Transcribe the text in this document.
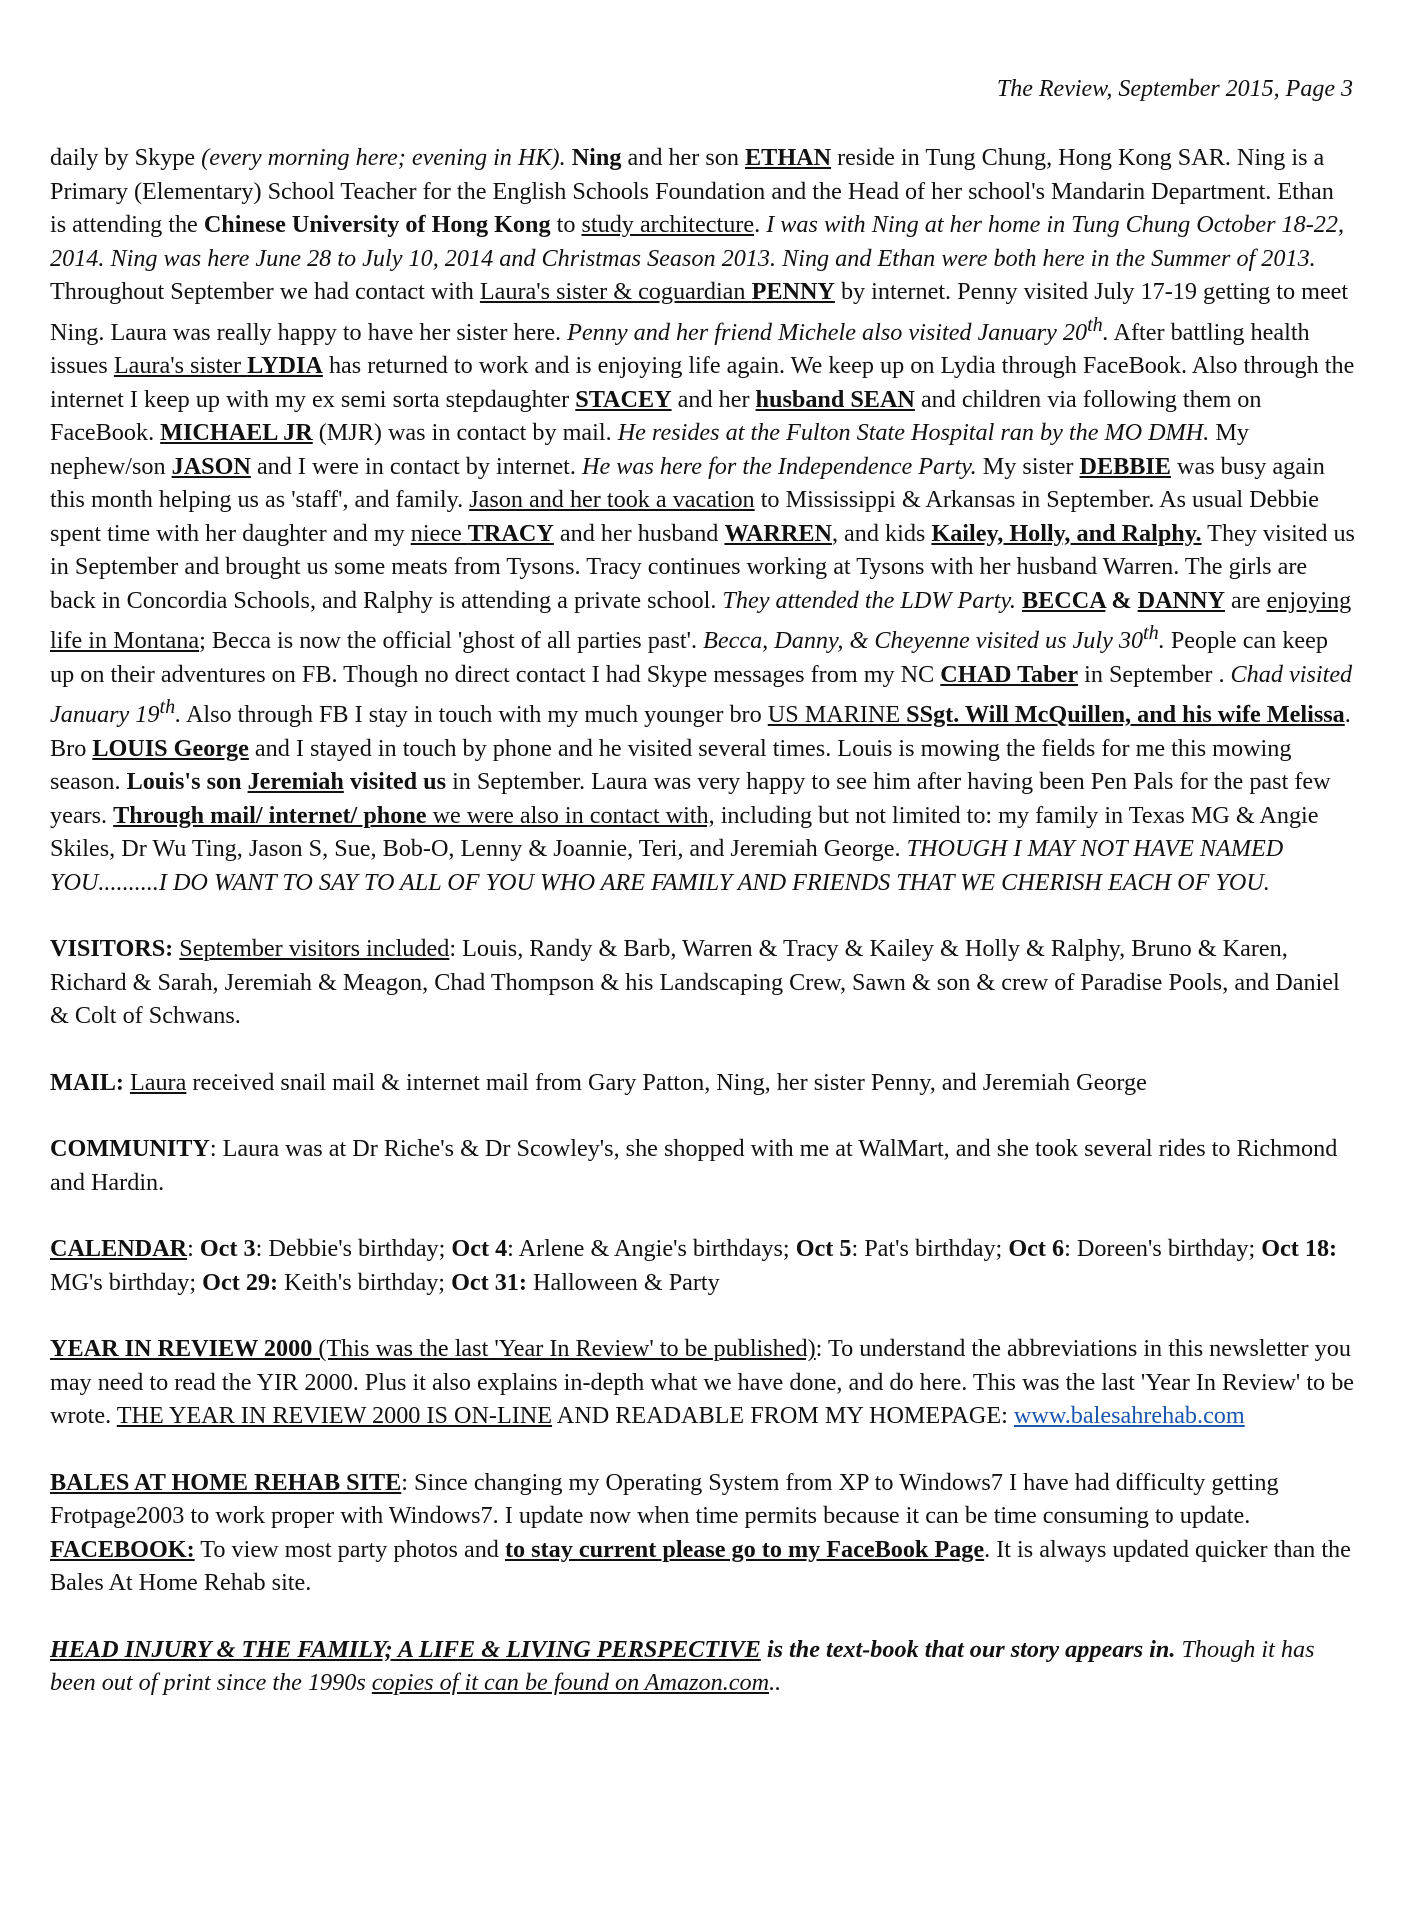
The Review, September 2015, Page 3

daily by Skype (every morning here; evening in HK). Ning and her son ETHAN reside in Tung Chung, Hong Kong SAR. Ning is a Primary (Elementary) School Teacher for the English Schools Foundation and the Head of her school's Mandarin Department. Ethan is attending the Chinese University of Hong Kong to study architecture. I was with Ning at her home in Tung Chung October 18-22, 2014. Ning was here June 28 to July 10, 2014 and Christmas Season 2013. Ning and Ethan were both here in the Summer of 2013. Throughout September we had contact with Laura's sister & coguardian PENNY by internet. Penny visited July 17-19 getting to meet Ning. Laura was really happy to have her sister here. Penny and her friend Michele also visited January 20th. After battling health issues Laura's sister LYDIA has returned to work and is enjoying life again. We keep up on Lydia through FaceBook. Also through the internet I keep up with my ex semi sorta stepdaughter STACEY and her husband SEAN and children via following them on FaceBook. MICHAEL JR (MJR) was in contact by mail. He resides at the Fulton State Hospital ran by the MO DMH. My nephew/son JASON and I were in contact by internet. He was here for the Independence Party. My sister DEBBIE was busy again this month helping us as 'staff', and family. Jason and her took a vacation to Mississippi & Arkansas in September. As usual Debbie spent time with her daughter and my niece TRACY and her husband WARREN, and kids Kailey, Holly, and Ralphy. They visited us in September and brought us some meats from Tysons. Tracy continues working at Tysons with her husband Warren. The girls are back in Concordia Schools, and Ralphy is attending a private school. They attended the LDW Party. BECCA & DANNY are enjoying life in Montana; Becca is now the official 'ghost of all parties past'. Becca, Danny, & Cheyenne visited us July 30th. People can keep up on their adventures on FB. Though no direct contact I had Skype messages from my NC CHAD Taber in September . Chad visited January 19th. Also through FB I stay in touch with my much younger bro US MARINE SSgt. Will McQuillen, and his wife Melissa. Bro LOUIS George and I stayed in touch by phone and he visited several times. Louis is mowing the fields for me this mowing season. Louis's son Jeremiah visited us in September. Laura was very happy to see him after having been Pen Pals for the past few years. Through mail/ internet/ phone we were also in contact with, including but not limited to: my family in Texas MG & Angie Skiles, Dr Wu Ting, Jason S, Sue, Bob-O, Lenny & Joannie, Teri, and Jeremiah George. THOUGH I MAY NOT HAVE NAMED YOU..........I DO WANT TO SAY TO ALL OF YOU WHO ARE FAMILY AND FRIENDS THAT WE CHERISH EACH OF YOU.

VISITORS: September visitors included: Louis, Randy & Barb, Warren & Tracy & Kailey & Holly & Ralphy, Bruno & Karen, Richard & Sarah, Jeremiah & Meagon, Chad Thompson & his Landscaping Crew, Sawn & son & crew of Paradise Pools, and Daniel & Colt of Schwans.

MAIL: Laura received snail mail & internet mail from Gary Patton, Ning, her sister Penny, and Jeremiah George

COMMUNITY: Laura was at Dr Riche's & Dr Scowley's, she shopped with me at WalMart, and she took several rides to Richmond and Hardin.

CALENDAR: Oct 3: Debbie's birthday; Oct 4: Arlene & Angie's birthdays; Oct 5: Pat's birthday; Oct 6: Doreen's birthday; Oct 18: MG's birthday; Oct 29: Keith's birthday; Oct 31: Halloween & Party

YEAR IN REVIEW 2000 (This was the last 'Year In Review' to be published): To understand the abbreviations in this newsletter you may need to read the YIR 2000. Plus it also explains in-depth what we have done, and do here. This was the last 'Year In Review' to be wrote. THE YEAR IN REVIEW 2000 IS ON-LINE AND READABLE FROM MY HOMEPAGE: www.balesahrehab.com

BALES AT HOME REHAB SITE: Since changing my Operating System from XP to Windows7 I have had difficulty getting Frotpage2003 to work proper with Windows7. I update now when time permits because it can be time consuming to update. FACEBOOK: To view most party photos and to stay current please go to my FaceBook Page. It is always updated quicker than the Bales At Home Rehab site.

HEAD INJURY & THE FAMILY; A LIFE & LIVING PERSPECTIVE is the text-book that our story appears in. Though it has been out of print since the 1990s copies of it can be found on Amazon.com..
